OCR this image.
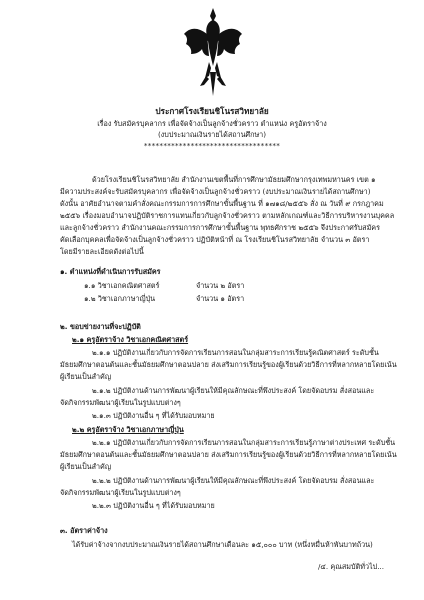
ประกาศโรงเรียนชิโนรสวิทยาลัย
เรื่อง รับสมัครบุคลากร เพื่อจัดจ้างเป็นลูกจ้างชั่วคราว ตำแหน่ง ครูอัตราจ้าง
(งบประมาณเงินรายได้สถานศึกษา)
***********************************
ด้วยโรงเรียนชิโนรสวิทยาลัย สำนักงานเขตพื้นที่การศึกษามัธยมศึกษากรุงเทพมหานคร เขต ๑
มีความประสงค์จะรับสมัครบุคลากร เพื่อจัดจ้างเป็นลูกจ้างชั่วคราว (งบประมาณเงินรายได้สถานศึกษา)
ดังนั้น อาศัยอำนาจตามคำสั่งคณะกรรมการการศึกษาขั้นพื้นฐาน ที่ ๑๗๑๘/๒๕๕๖ สั่ง ณ วันที่ ๙ กรกฎาคม
๒๕๕๖ เรื่องมอบอำนาจปฏิบัติราชการแทนเกี่ยวกับลูกจ้างชั่วคราว ตามหลักเกณฑ์และวิธีการบริหารงานบุคคล
และลูกจ้างชั่วคราว สำนักงานคณะกรรมการการศึกษาขั้นพื้นฐาน พุทธศักราช ๒๕๕๖ จึงประกาศรับสมัคร
คัดเลือกบุคคลเพื่อจัดจ้างเป็นลูกจ้างชั่วคราว ปฏิบัติหน้าที่ ณ โรงเรียนชิโนรสวิทยาลัย จำนวน ๓ อัตรา
โดยมีรายละเอียดดังต่อไปนี้
๑. ตำแหน่งที่ดำเนินการรับสมัคร
๑.๑ วิชาเอกคณิตศาสตร์	จำนวน ๒ อัตรา
๑.๒ วิชาเอกภาษาญี่ปุ่น	จำนวน ๑ อัตรา
๒. ขอบข่ายงานที่จะปฏิบัติ
๒.๑ ครูอัตราจ้าง วิชาเอกคณิตศาสตร์
๒.๑.๑ ปฏิบัติงานเกี่ยวกับการจัดการเรียนการสอนในกลุ่มสาระการเรียนรู้คณิตศาสตร์ ระดับชั้น
มัธยมศึกษาตอนต้นและชั้นมัธยมศึกษาตอนปลาย ส่งเสริมการเรียนรู้ของผู้เรียนด้วยวิธีการที่หลากหลายโดยเน้น
ผู้เรียนเป็นสำคัญ
๒.๑.๒ ปฏิบัติงานด้านการพัฒนาผู้เรียนให้มีคุณลักษณะที่พึงประสงค์ โดยจัดอบรม สั่งสอนและ
จัดกิจกรรมพัฒนาผู้เรียนในรูปแบบต่างๆ
๒.๑.๓ ปฏิบัติงานอื่น ๆ ที่ได้รับมอบหมาย
๒.๒ ครูอัตราจ้าง วิชาเอกภาษาญี่ปุ่น
๒.๒.๑ ปฏิบัติงานเกี่ยวกับการจัดการเรียนการสอนในกลุ่มสาระการเรียนรู้ภาษาต่างประเทศ ระดับชั้น
มัธยมศึกษาตอนต้นและชั้นมัธยมศึกษาตอนปลาย ส่งเสริมการเรียนรู้ของผู้เรียนด้วยวิธีการที่หลากหลายโดยเน้น
ผู้เรียนเป็นสำคัญ
๒.๒.๒ ปฏิบัติงานด้านการพัฒนาผู้เรียนให้มีคุณลักษณะที่พึงประสงค์ โดยจัดอบรม สั่งสอนและ
จัดกิจกรรมพัฒนาผู้เรียนในรูปแบบต่างๆ
๒.๒.๓ ปฏิบัติงานอื่น ๆ ที่ได้รับมอบหมาย
๓. อัตราค่าจ้าง
ได้รับค่าจ้างจากงบประมาณเงินรายได้สถานศึกษาเดือนละ ๑๕,๐๐๐ บาท (หนึ่งหมื่นห้าพันบาทถ้วน)
/๔. คุณสมบัติทั่วไป...
